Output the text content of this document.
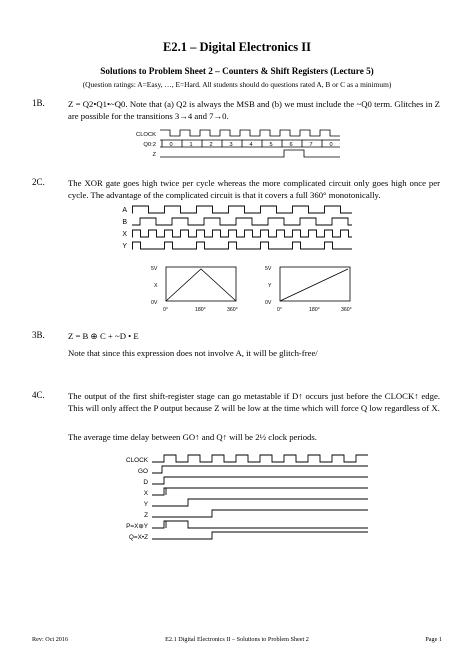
E2.1 – Digital Electronics II
Solutions to Problem Sheet 2 – Counters & Shift Registers (Lecture 5)
(Question ratings: A=Easy, …, E=Hard. All students should do questions rated A, B or C as a minimum)
1B.	Z = Q2•Q1•~Q0. Note that (a) Q2 is always the MSB and (b) we must include the ~Q0 term. Glitches in Z are possible for the transitions 3→4 and 7→0.
CLOCK
Q0:2
Z
0	1	2	3	4	5	6	7	0
2C.	The XOR gate goes high twice per cycle whereas the more complicated circuit only goes high once per cycle. The advantage of the complicated circuit is that it covers a full 360° monotonically.
A
B
X
Y
5V
X
0V
0°	180°	360°
5V
Y
0V
0°	180°	360°
3B.	Z = B ⊕ C + ~D • E
Note that since this expression does not involve A, it will be glitch-free/
4C.	The output of the first shift-register stage can go metastable if D↑ occurs just before the CLOCK↑ edge. This will only affect the P output because Z will be low at the time which will force Q low regardless of X.
The average time delay between GO↑ and Q↑ will be 2½ clock periods.
CLOCK
GO
D
X
Y
Z
P=X⊕Y
Q=X•Z
Rev: Oct 2016	E2.1 Digital Electronics II – Solutions to Problem Sheet 2	Page 1
